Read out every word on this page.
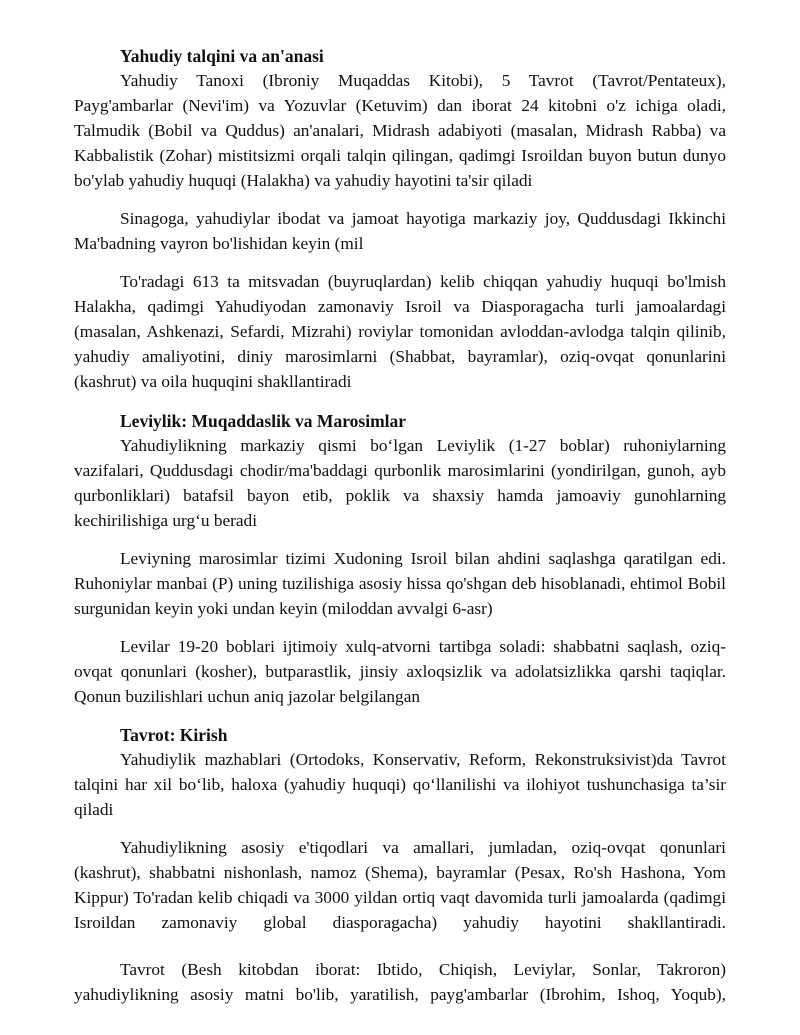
Yahudiy talqini va an'anasi

Yahudiy Tanoxi (Ibroniy Muqaddas Kitobi), 5 Tavrot (Tavrot/Pentateux), Payg'ambarlar (Nevi'im) va Yozuvlar (Ketuvim) dan iborat 24 kitobni o'z ichiga oladi, Talmudik (Bobil va Quddus) an'analari, Midrash adabiyoti (masalan, Midrash Rabba) va Kabbalistik (Zohar) mistitsizmi orqali talqin qilingan, qadimgi Isroildan buyon butun dunyo bo'ylab yahudiy huquqi (Halakha) va yahudiy hayotini ta'sir qiladi

Sinagoga, yahudiylar ibodat va jamoat hayotiga markaziy joy, Quddusdagi Ikkinchi Ma'badning vayron bo'lishidan keyin (mil

To'radagi 613 ta mitsvadan (buyruqlardan) kelib chiqqan yahudiy huquqi bo'lmish Halakha, qadimgi Yahudiyodan zamonaviy Isroil va Diasporagacha turli jamoalardagi (masalan, Ashkenazi, Sefardi, Mizrahi) roviylar tomonidan avloddan-avlodga talqin qilinib, yahudiy amaliyotini, diniy marosimlarni (Shabbat, bayramlar), oziq-ovqat qonunlarini (kashrut) va oila huquqini shakllantiradi

Leviylik: Muqaddaslik va Marosimlar

Yahudiylikning markaziy qismi bo‘lgan Leviylik (1-27 boblar) ruhoniylarning vazifalari, Quddusdagi chodir/ma'baddagi qurbonlik marosimlarini (yondirilgan, gunoh, ayb qurbonliklari) batafsil bayon etib, poklik va shaxsiy hamda jamoaviy gunohlarning kechirilishiga urg‘u beradi

Leviyning marosimlar tizimi Xudoning Isroil bilan ahdini saqlashga qaratilgan edi. Ruhoniylar manbai (P) uning tuzilishiga asosiy hissa qo'shgan deb hisoblanadi, ehtimol Bobil surgunidan keyin yoki undan keyin (miloddan avvalgi 6-asr)

Levilar 19-20 boblari ijtimoiy xulq-atvorni tartibga soladi: shabbatni saqlash, oziq-ovqat qonunlari (kosher), butparastlik, jinsiy axloqsizlik va adolatsizlikka qarshi taqiqlar. Qonun buzilishlari uchun aniq jazolar belgilangan

Tavrot: Kirish

Yahudiylik mazhablari (Ortodoks, Konservativ, Reform, Rekonstruksivist)da Tavrot talqini har xil bo‘lib, haloxa (yahudiy huquqi) qo‘llanilishi va ilohiyot tushunchasiga ta’sir qiladi

Yahudiylikning asosiy e'tiqodlari va amallari, jumladan, oziq-ovqat qonunlari (kashrut), shabbatni nishonlash, namoz (Shema), bayramlar (Pesax, Ro'sh Hashona, Yom Kippur) To'radan kelib chiqadi va 3000 yildan ortiq vaqt davomida turli jamoalarda (qadimgi Isroildan zamonaviy global diasporagacha) yahudiy hayotini shakllantiradi.

Tavrot (Besh kitobdan iborat: Ibtido, Chiqish, Leviylar, Sonlar, Takroron) yahudiylikning asosiy matni bo'lib, yaratilish, payg'ambarlar (Ibrohim, Ishoq, Yoqub),
